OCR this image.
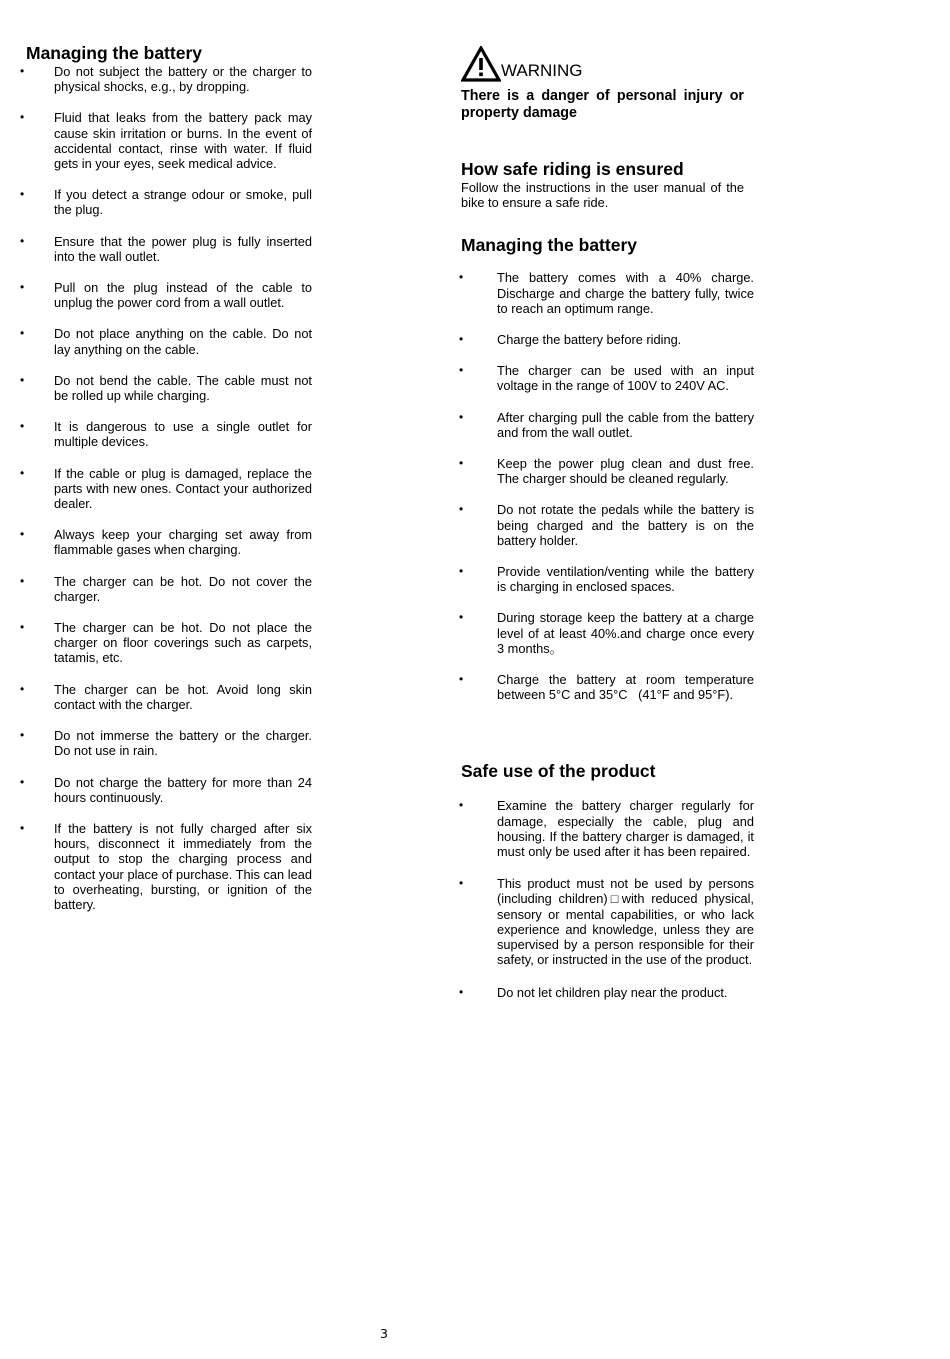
Managing the battery
• Do not subject the battery or the charger to physical shocks, e.g., by dropping.
• Fluid that leaks from the battery pack may cause skin irritation or burns. In the event of accidental contact, rinse with water. If fluid gets in your eyes, seek medical advice.
• If you detect a strange odour or smoke, pull the plug.
• Ensure that the power plug is fully inserted into the wall outlet.
• Pull on the plug instead of the cable to unplug the power cord from a wall outlet.
• Do not place anything on the cable. Do not lay anything on the cable.
• Do not bend the cable. The cable must not be rolled up while charging.
• It is dangerous to use a single outlet for multiple devices.
• If the cable or plug is damaged, replace the parts with new ones. Contact your authorized dealer.
• Always keep your charging set away from flammable gases when charging.
• The charger can be hot. Do not cover the charger.
• The charger can be hot. Do not place the charger on floor coverings such as carpets, tatamis, etc.
• The charger can be hot. Avoid long skin contact with the charger.
• Do not immerse the battery or the charger. Do not use in rain.
• Do not charge the battery for more than 24 hours continuously.
• If the battery is not fully charged after six hours, disconnect it immediately from the output to stop the charging process and contact your place of purchase. This can lead to overheating, bursting, or ignition of the battery.
WARNING
There is a danger of personal injury or property damage
How safe riding is ensured

Follow the instructions in the user manual of the bike to ensure a safe ride.

Managing the battery
•	The battery comes with a 40% charge. Discharge and charge the battery fully, twice to reach an optimum range.
•	Charge the battery before riding.
•	The charger can be used with an input voltage in the range of 100V to 240V AC.
•	After charging pull the cable from the battery and from the wall outlet.
•	Keep the power plug clean and dust free. The charger should be cleaned regularly.
•	Do not rotate the pedals while the battery is being charged and the battery is on the battery holder.
•	Provide ventilation/venting while the battery is charging in enclosed spaces.
•	During storage keep the battery at a charge level of at least 40%.and charge once every 3 months。
•	Charge the battery at room temperature between 5°C and 35°C   (41°F and 95°F).
Safe use of the product
•	Examine the battery charger regularly for damage, especially the cable, plug and housing. If the battery charger is damaged, it must only be used after it has been repaired.
•	This product must not be used by persons (including children)□with reduced physical, sensory or mental capabilities, or who lack experience and knowledge, unless they are supervised by a person responsible for their safety, or instructed in the use of the product.
•	Do not let children play near the product.
3
